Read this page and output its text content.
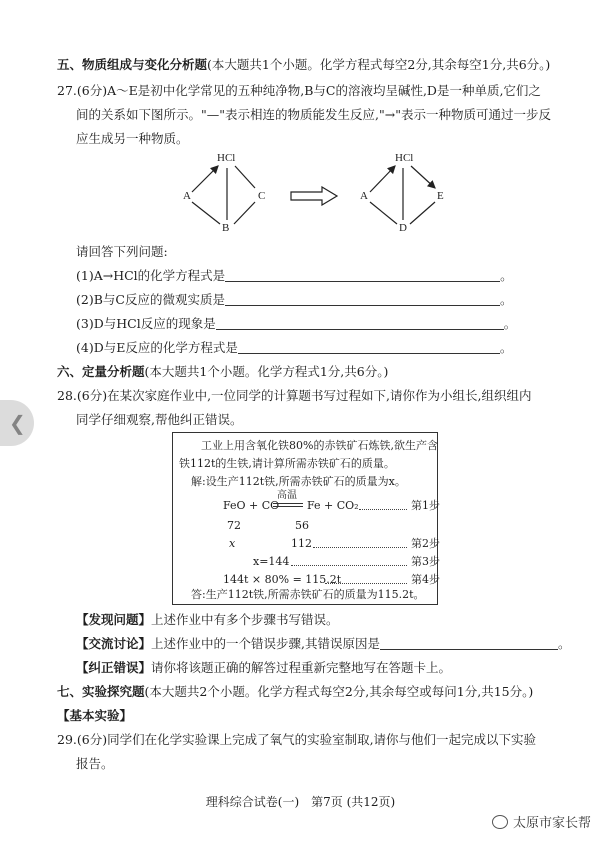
五、物质组成与变化分析题(本大题共1个小题。化学方程式每空2分,其余每空1分,共6分。)
27.(6分)A～E是初中化学常见的五种纯净物,B与C的溶液均呈碱性,D是一种单质,它们之
间的关系如下图所示。"—"表示相连的物质能发生反应,"→"表示一种物质可通过一步反
应生成另一种物质。
HCl
A	C
B
HCl
A	E
D
请回答下列问题:
(1)A→HCl的化学方程式是	。
(2)B与C反应的微观实质是	。
(3)D与HCl反应的现象是	。
(4)D与E反应的化学方程式是	。
六、定量分析题(本大题共1个小题。化学方程式1分,共6分。)
28.(6分)在某次家庭作业中,一位同学的计算题书写过程如下,请你作为小组长,组织组内
同学仔细观察,帮他纠正错误。
工业上用含氧化铁80%的赤铁矿石炼铁,欲生产含
铁112t的生铁,请计算所需赤铁矿石的质量。
解:设生产112t铁,所需赤铁矿石的质量为x。
FeO + CO
高温
Fe + CO₂	第1步
72	56
x	112	第2步
x=144	第3步
144t × 80% = 115.2t	第4步
答:生产112t铁,所需赤铁矿石的质量为115.2t。
【发现问题】上述作业中有多个步骤书写错误。
【交流讨论】上述作业中的一个错误步骤,其错误原因是	。
【纠正错误】请你将该题正确的解答过程重新完整地写在答题卡上。
七、实验探究题(本大题共2个小题。化学方程式每空2分,其余每空或每问1分,共15分。)
【基本实验】
29.(6分)同学们在化学实验课上完成了氧气的实验室制取,请你与他们一起完成以下实验
报告。
理科综合试卷(一)　第7页 (共12页)
❮
太原市家长帮
